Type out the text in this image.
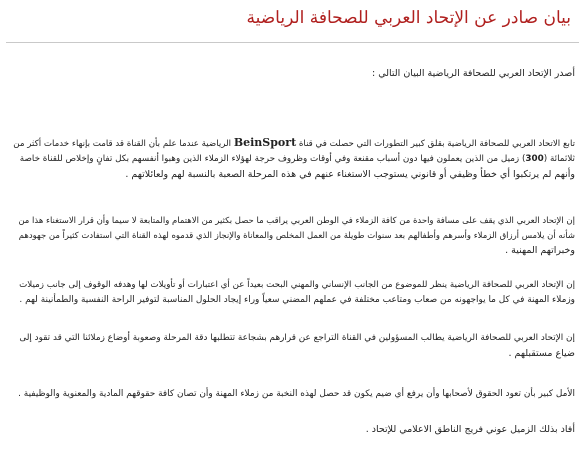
بيان صادر عن الإتحاد العربي للصحافة الرياضية

أصدر الإتحاد العربي للصحافة الرياضية البيان التالي :

تابع الاتحاد العربي للصحافة الرياضية بقلق كبير التطورات التي حصلت في قناة BeinSport الرياضية عندما علم بأن القناة قد قامت بإنهاء خدمات أكثر من
ثلاثمائة (300) زميل من الذين يعملون فيها دون أسباب مقنعة وفي أوقات وظروف حرجة لهؤلاء الزملاء الذين وهبوا أنفسهم بكل تفانٍ وإخلاص للقناة خاصة
وأنهم لم يرتكبوا أي خطأ وظيفي أو قانوني يستوجب الاستغناء عنهم في هذه المرحلة الصعبة بالنسبة لهم ولعائلاتهم .
إن الإتحاد العربي الذي يقف على مسافة واحدة من كافة الزملاء في الوطن العربي يراقب ما حصل بكثير من الاهتمام والمتابعة لا سيما وأن قرار الاستغناء هذا من
شأنه أن يلامس أرزاق الزملاء وأسرهم وأطفالهم بعد سنوات طويلة من العمل المخلص والمعاناة والإنجاز الذي قدموه لهذه القناة التي استفادت كثيراً من جهودهم
وخبراتهم المهنية .
إن الإتحاد العربي للصحافة الرياضية ينظر للموضوع من الجانب الإنساني والمهني البحت بعيداً عن أي اعتبارات أو تأويلات لها وهدفه الوقوف إلى جانب زميلات
وزملاء المهنة في كل ما يواجهونه من صعاب ومتاعب مختلفة في عملهم المضني سعياً وراء إيجاد الحلول المناسبة لتوفير الراحة النفسية والطمأنينة لهم .
إن الإتحاد العربي للصحافة الرياضية يطالب المسؤولين في القناة التراجع عن قرارهم بشجاعة تتطلبها دقة المرحلة وصعوبة أوضاع زملائنا التي قد تقود إلى
ضياع مستقبلهم .
الأمل كبير بأن تعود الحقوق لأصحابها وأن يرفع أي ضيم يكون قد حصل لهذه النخبة من زملاء المهنة وأن تصان كافة حقوقهم المادية والمعنوية والوظيفية .
أفاد بذلك الزميل عوني فريج الناطق الاعلامي للإتحاد .
